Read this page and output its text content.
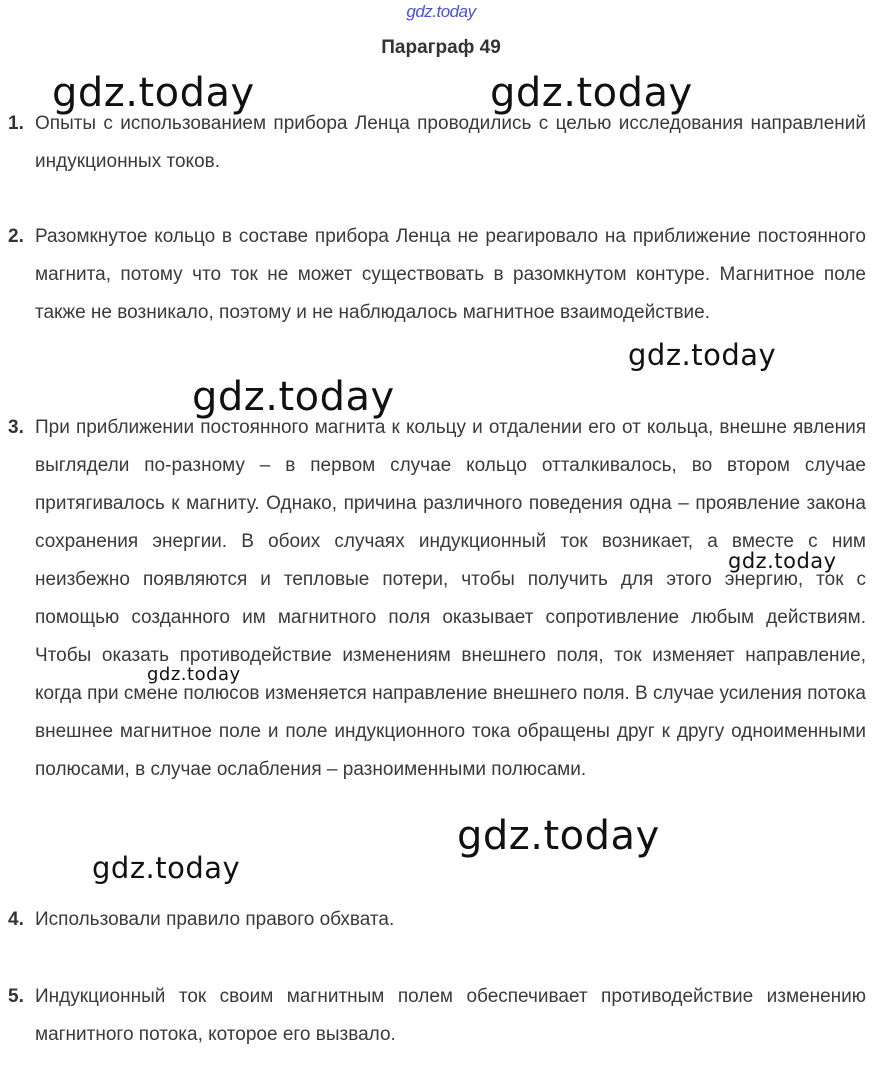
gdz.today
Параграф 49
1. Опыты с использованием прибора Ленца проводились с целью исследования направлений индукционных токов.
2. Разомкнутое кольцо в составе прибора Ленца не реагировало на приближение постоянного магнита, потому что ток не может существовать в разомкнутом контуре. Магнитное поле также не возникало, поэтому и не наблюдалось магнитное взаимодействие.
3. При приближении постоянного магнита к кольцу и отдалении его от кольца, внешне явления выглядели по-разному – в первом случае кольцо отталкивалось, во втором случае притягивалось к магниту. Однако, причина различного поведения одна – проявление закона сохранения энергии. В обоих случаях индукционный ток возникает, а вместе с ним неизбежно появляются и тепловые потери, чтобы получить для этого энергию, ток с помощью созданного им магнитного поля оказывает сопротивление любым действиям. Чтобы оказать противодействие изменениям внешнего поля, ток изменяет направление, когда при смене полюсов изменяется направление внешнего поля. В случае усиления потока внешнее магнитное поле и поле индукционного тока обращены друг к другу одноименными полюсами, в случае ослабления – разноименными полюсами.
4. Использовали правило правого обхвата.
5. Индукционный ток своим магнитным полем обеспечивает противодействие изменению магнитного потока, которое его вызвало.
gdz.today	gdz.today
gdz.today
gdz.today
gdz.today
gdz.today
gdz.today
gdz.today
